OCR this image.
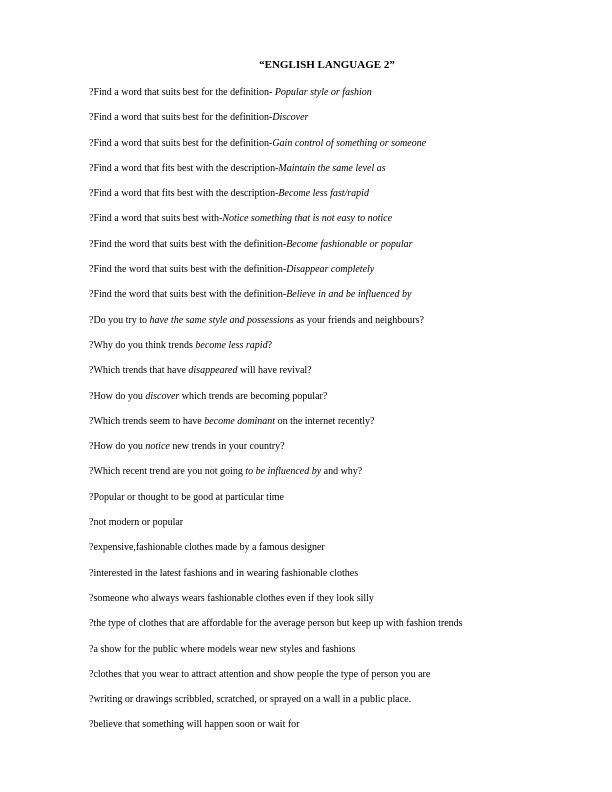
“ENGLISH LANGUAGE 2”
?Find a word that suits best for the definition- Popular style or fashion
?Find a word that suits best for the definition-Discover
?Find a word that suits best for the definition-Gain control of something or someone
?Find a word that fits best with the description-Maintain the same level as
?Find a word that fits best with the description-Become less fast/rapid
?Find a word that suits best with-Notice something that is not easy to notice
?Find the word that suits best with the definition-Become fashionable or popular
?Find the word that suits best with the definition-Disappear completely
?Find the word that suits best with the definition-Believe in and be influenced by
?Do you try to have the same style and possessions as your friends and neighbours?
?Why do you think trends become less rapid?
?Which trends that have disappeared will have revival?
?How do you discover which trends are becoming popular?
?Which trends seem to have become dominant on the internet recently?
?How do you notice new trends in your country?
?Which recent trend are you not going to be influenced by and why?
?Popular or thought to be good at particular time
?not modern or popular
?expensive,fashionable clothes made by a famous designer
?interested in the latest fashions and in wearing fashionable clothes
?someone who always wears fashionable clothes even if they look silly
?the type of clothes that are affordable for the average person but keep up with fashion trends
?a show for the public where models wear new styles and fashions
?clothes that you wear to attract attention and show people the type of person you are
?writing or drawings scribbled, scratched, or sprayed on a wall in a public place.
?believe that something will happen soon or wait for
